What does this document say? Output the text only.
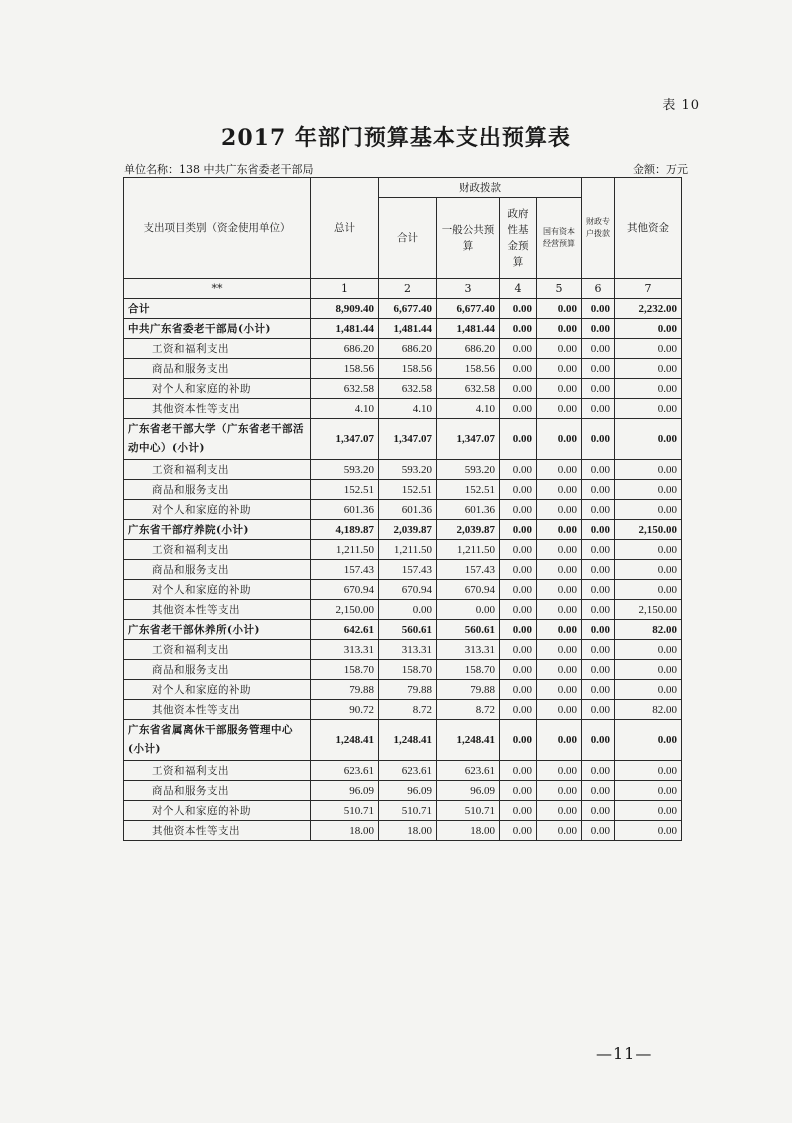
表 10
2017 年部门预算基本支出预算表
单位名称：138 中共广东省委老干部局	金额：万元
支出项目类别（资金使用单位）	总计	财政拨款				财政专户拨款	其他资金
		合计	一般公共预算	政府性基金预算	国有资本经营预算		
**	1	2	3	4	5	6	7
合计	8,909.40	6,677.40	6,677.40	0.00	0.00	0.00	2,232.00
中共广东省委老干部局(小计)	1,481.44	1,481.44	1,481.44	0.00	0.00	0.00	0.00
工资和福利支出	686.20	686.20	686.20	0.00	0.00	0.00	0.00
商品和服务支出	158.56	158.56	158.56	0.00	0.00	0.00	0.00
对个人和家庭的补助	632.58	632.58	632.58	0.00	0.00	0.00	0.00
其他资本性等支出	4.10	4.10	4.10	0.00	0.00	0.00	0.00
广东省老干部大学（广东省老干部活动中心）(小计)	1,347.07	1,347.07	1,347.07	0.00	0.00	0.00	0.00
工资和福利支出	593.20	593.20	593.20	0.00	0.00	0.00	0.00
商品和服务支出	152.51	152.51	152.51	0.00	0.00	0.00	0.00
对个人和家庭的补助	601.36	601.36	601.36	0.00	0.00	0.00	0.00
广东省干部疗养院(小计)	4,189.87	2,039.87	2,039.87	0.00	0.00	0.00	2,150.00
工资和福利支出	1,211.50	1,211.50	1,211.50	0.00	0.00	0.00	0.00
商品和服务支出	157.43	157.43	157.43	0.00	0.00	0.00	0.00
对个人和家庭的补助	670.94	670.94	670.94	0.00	0.00	0.00	0.00
其他资本性等支出	2,150.00	0.00	0.00	0.00	0.00	0.00	2,150.00
广东省老干部休养所(小计)	642.61	560.61	560.61	0.00	0.00	0.00	82.00
工资和福利支出	313.31	313.31	313.31	0.00	0.00	0.00	0.00
商品和服务支出	158.70	158.70	158.70	0.00	0.00	0.00	0.00
对个人和家庭的补助	79.88	79.88	79.88	0.00	0.00	0.00	0.00
其他资本性等支出	90.72	8.72	8.72	0.00	0.00	0.00	82.00
广东省省属离休干部服务管理中心(小计)	1,248.41	1,248.41	1,248.41	0.00	0.00	0.00	0.00
工资和福利支出	623.61	623.61	623.61	0.00	0.00	0.00	0.00
商品和服务支出	96.09	96.09	96.09	0.00	0.00	0.00	0.00
对个人和家庭的补助	510.71	510.71	510.71	0.00	0.00	0.00	0.00
其他资本性等支出	18.00	18.00	18.00	0.00	0.00	0.00	0.00
—11—
